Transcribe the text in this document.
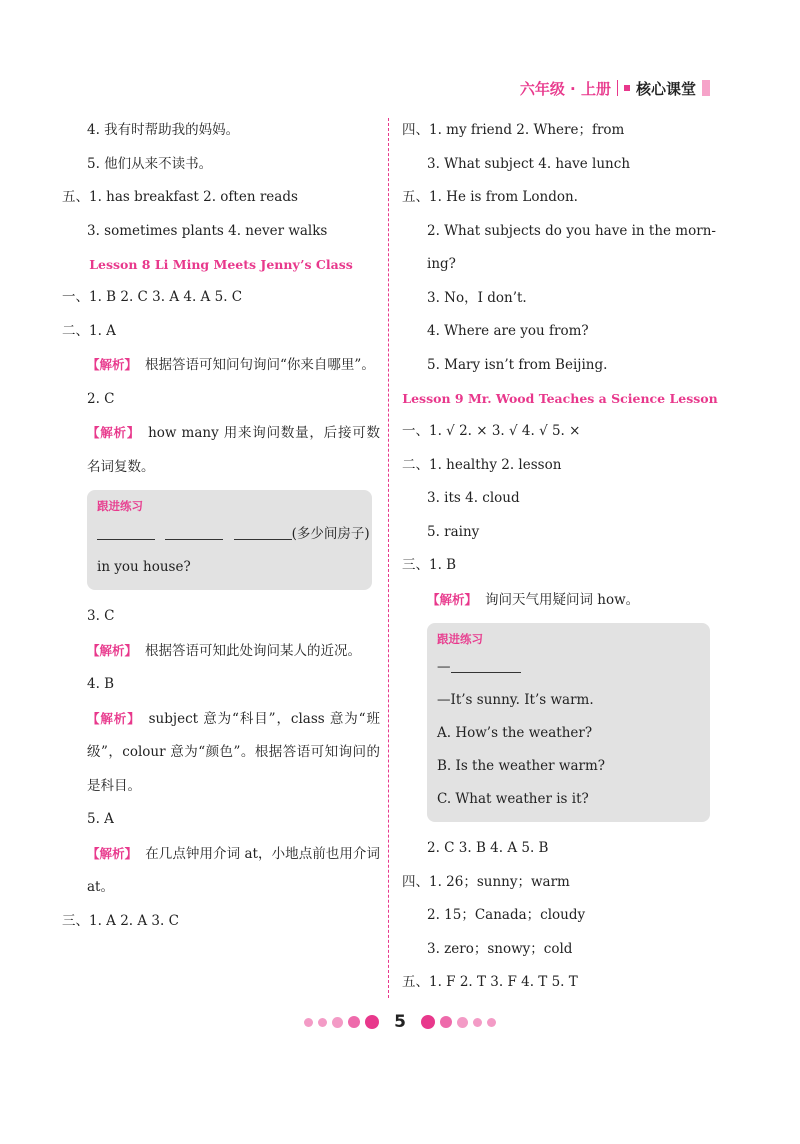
六年级 · 上册 核心课堂
4. 我有时帮助我的妈妈。
5. 他们从来不读书。
五、1. has breakfast 2. often reads
3. sometimes plants 4. never walks
Lesson 8 Li Ming Meets Jenny’s Class
一、1. B 2. C 3. A 4. A 5. C
二、1. A
【解析】 根据答语可知问句询问“你来自哪里”。
2. C
【解析】 how many 用来询问数量，后接可数名词复数。
跟进练习
(多少间房子)
in you house?
3. C
【解析】 根据答语可知此处询问某人的近况。
4. B
【解析】 subject 意为“科目”，class 意为“班级”，colour 意为“颜色”。根据答语可知询问的是科目。
5. A
【解析】 在几点钟用介词 at，小地点前也用介词 at。
三、1. A 2. A 3. C
四、1. my friend 2. Where；from
3. What subject 4. have lunch
五、1. He is from London.
2. What subjects do you have in the morn-
ing?
3. No，I don’t.
4. Where are you from?
5. Mary isn’t from Beijing.
Lesson 9 Mr. Wood Teaches a Science Lesson
一、1. √ 2. × 3. √ 4. √ 5. ×
二、1. healthy 2. lesson
3. its 4. cloud
5. rainy
三、1. B
【解析】 询问天气用疑问词 how。
跟进练习
—
—It’s sunny. It’s warm.
A. How’s the weather?
B. Is the weather warm?
C. What weather is it?
2. C 3. B 4. A 5. B
四、1. 26；sunny；warm
2. 15；Canada；cloudy
3. zero；snowy；cold
五、1. F 2. T 3. F 4. T 5. T
5
